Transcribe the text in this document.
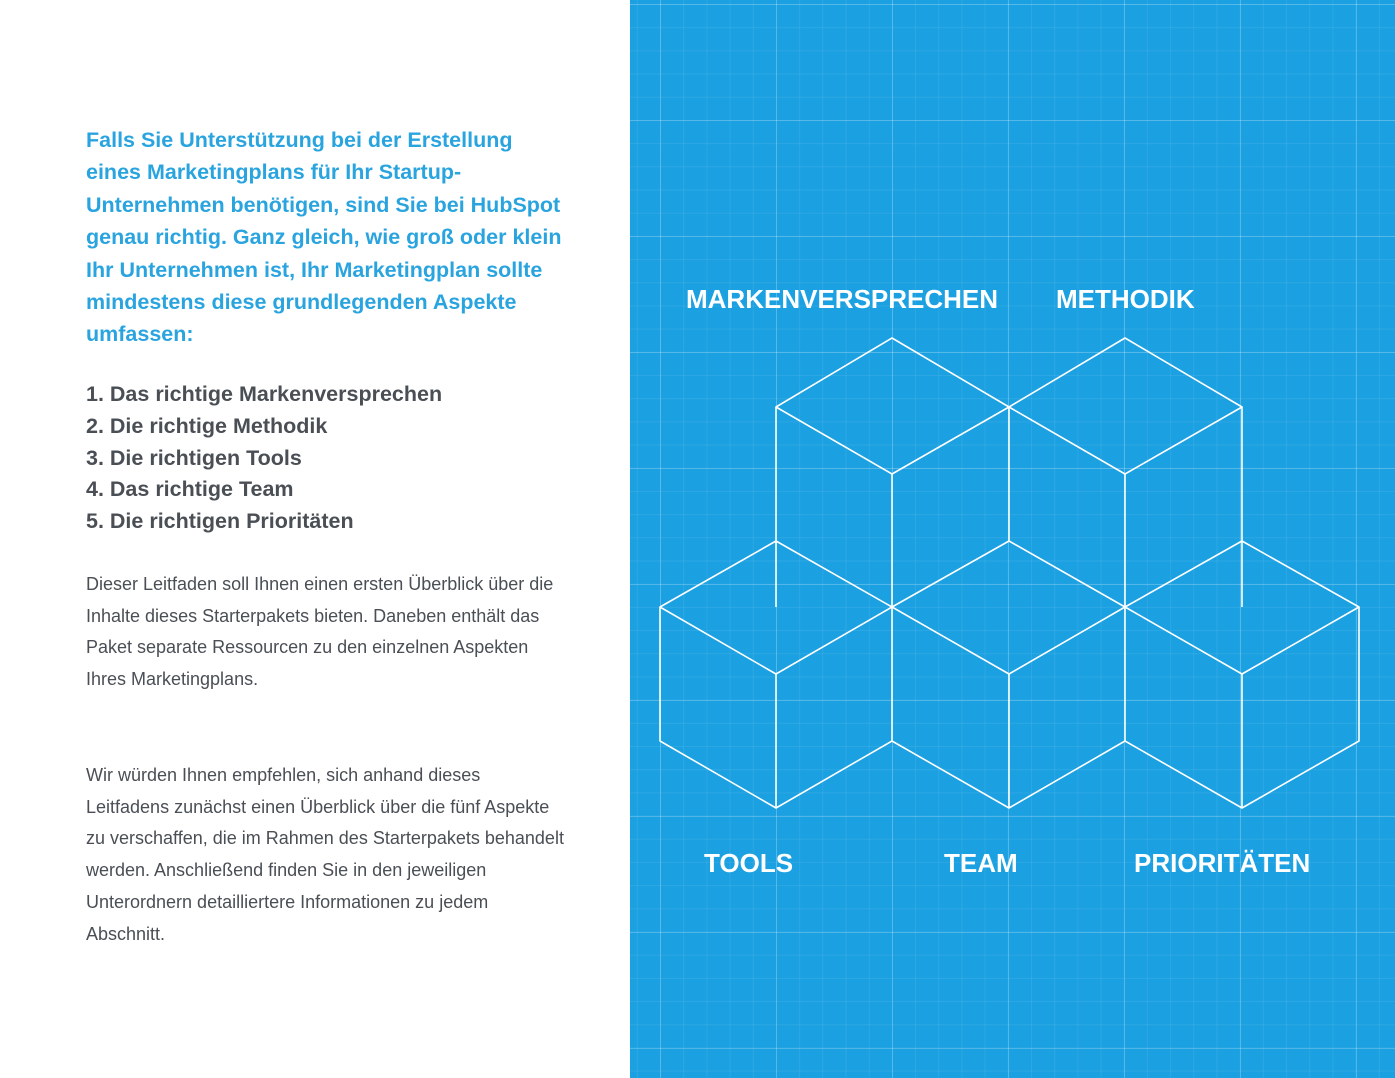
Falls Sie Unterstützung bei der Erstellung eines Marketingplans für Ihr Startup-Unternehmen benötigen, sind Sie bei HubSpot genau richtig. Ganz gleich, wie groß oder klein Ihr Unternehmen ist, Ihr Marketingplan sollte mindestens diese grundlegenden Aspekte umfassen:

1. Das richtige Markenversprechen
2. Die richtige Methodik
3. Die richtigen Tools
4. Das richtige Team
5. Die richtigen Prioritäten

Dieser Leitfaden soll Ihnen einen ersten Überblick über die Inhalte dieses Starterpakets bieten. Daneben enthält das Paket separate Ressourcen zu den einzelnen Aspekten Ihres Marketingplans.

Wir würden Ihnen empfehlen, sich anhand dieses Leitfadens zunächst einen Überblick über die fünf Aspekte zu verschaffen, die im Rahmen des Starterpakets behandelt werden. Anschließend finden Sie in den jeweiligen Unterordnern detailliertere Informationen zu jedem Abschnitt.

MARKENVERSPRECHEN METHODIK
TOOLS	TEAM	PRIORITÄTEN
